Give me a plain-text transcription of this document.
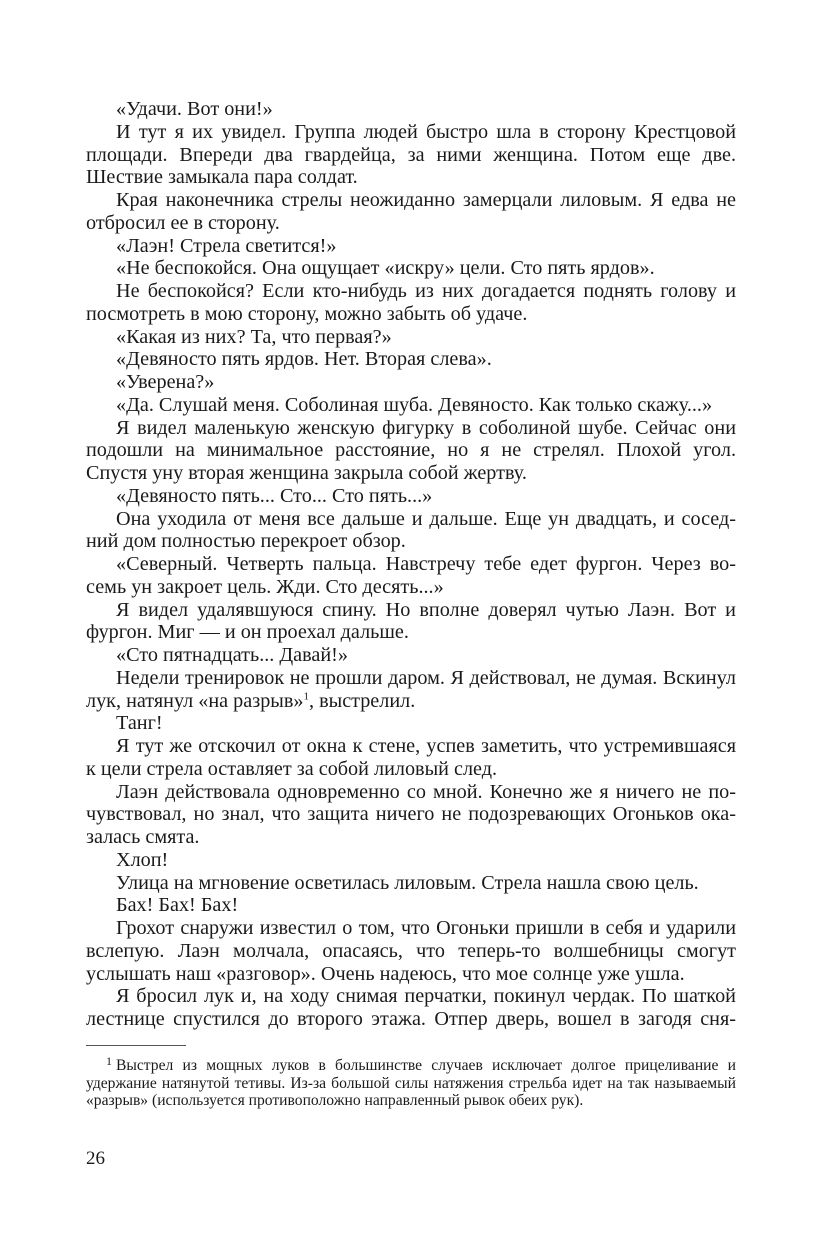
«Удачи. Вот они!»

И тут я их увидел. Группа людей быстро шла в сторону Крестцовой площади. Впереди два гвардейца, за ними женщина. Потом еще две. Шествие замыкала пара солдат.

Края наконечника стрелы неожиданно замерцали лиловым. Я едва не отбросил ее в сторону.

«Лаэн! Стрела светится!»

«Не беспокойся. Она ощущает «искру» цели. Сто пять ярдов».

Не беспокойся? Если кто-нибудь из них догадается поднять голову и посмотреть в мою сторону, можно забыть об удаче.

«Какая из них? Та, что первая?»

«Девяносто пять ярдов. Нет. Вторая слева».

«Уверена?»

«Да. Слушай меня. Соболиная шуба. Девяносто. Как только скажу...»

Я видел маленькую женскую фигурку в соболиной шубе. Сейчас они подошли на минимальное расстояние, но я не стрелял. Плохой угол. Спустя уну вторая женщина закрыла собой жертву.

«Девяносто пять... Сто... Сто пять...»

Она уходила от меня все дальше и дальше. Еще ун двадцать, и соседний дом полностью перекроет обзор.

«Северный. Четверть пальца. Навстречу тебе едет фургон. Через восемь ун закроет цель. Жди. Сто десять...»

Я видел удалявшуюся спину. Но вполне доверял чутью Лаэн. Вот и фургон. Миг — и он проехал дальше.

«Сто пятнадцать... Давай!»

Недели тренировок не прошли даром. Я действовал, не думая. Вскинул лук, натянул «на разрыв»$^1$, выстрелил.

Танг!

Я тут же отскочил от окна к стене, успев заметить, что устремившаяся к цели стрела оставляет за собой лиловый след.

Лаэн действовала одновременно со мной. Конечно же я ничего не почувствовал, но знал, что защита ничего не подозревающих Огоньков оказалась смята.

Хлоп!

Улица на мгновение осветилась лиловым. Стрела нашла свою цель.

Бах! Бах! Бах!

Грохот снаружи известил о том, что Огоньки пришли в себя и ударили вслепую. Лаэн молчала, опасаясь, что теперь-то волшебницы смогут услышать наш «разговор». Очень надеюсь, что мое солнце уже ушла.

Я бросил лук и, на ходу снимая перчатки, покинул чердак. По шаткой лестнице спустился до второго этажа. Отпер дверь, вошел в загодя сня-

$^1$ Выстрел из мощных луков в большинстве случаев исключает долгое прицеливание и удержание натянутой тетивы. Из-за большой силы натяжения стрельба идет на так называемый «разрыв» (используется противоположно направленный рывок обеих рук).

26
